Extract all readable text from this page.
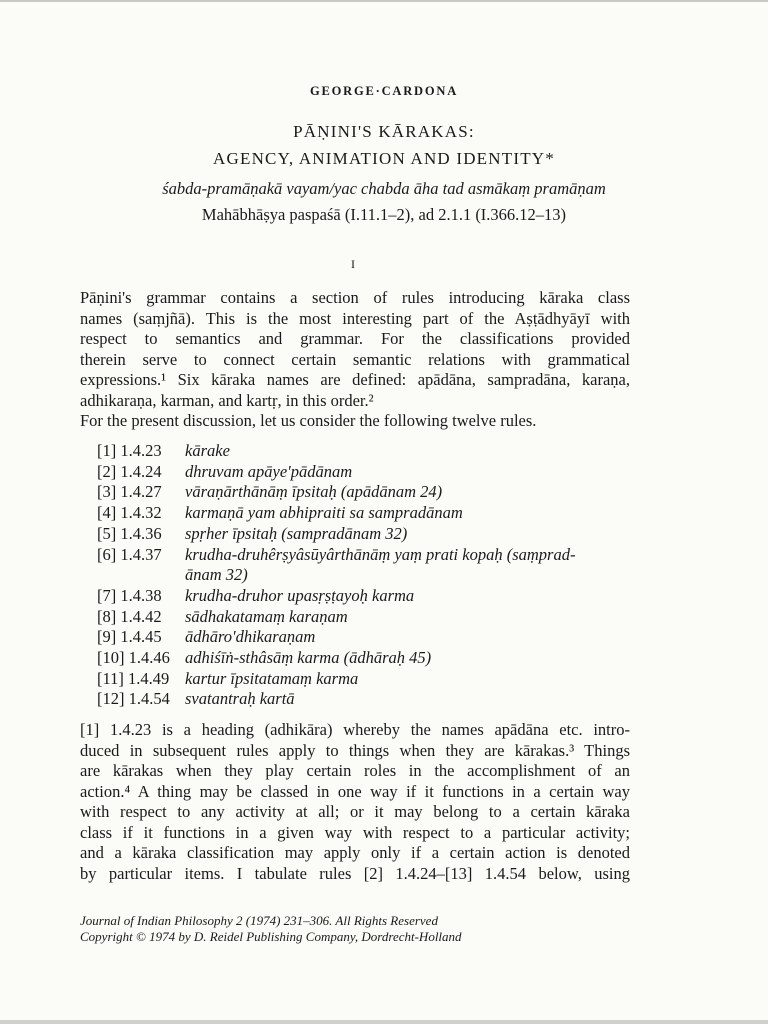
GEORGE·CARDONA
PĀṆINI'S KĀRAKAS:
AGENCY, ANIMATION AND IDENTITY*
śabda-pramāṇakā vayam/yac chabda āha tad asmākaṃ pramāṇam
Mahābhāṣya paspaśā (I.11.1–2), ad 2.1.1 (I.366.12–13)
I
Pāṇini's grammar contains a section of rules introducing kāraka class
names (saṃjñā). This is the most interesting part of the Aṣṭādhyāyī with
respect to semantics and grammar. For the classifications provided
therein serve to connect certain semantic relations with grammatical
expressions.¹ Six kāraka names are defined: apādāna, sampradāna, karaṇa,
adhikaraṇa, karman, and kartṛ, in this order.²
For the present discussion, let us consider the following twelve rules.
[1] 1.4.23	kārake
[2] 1.4.24	dhruvam apāye'pādānam
[3] 1.4.27	vāraṇārthānāṃ īpsitaḥ (apādānam 24)
[4] 1.4.32	karmaṇā yam abhipraiti sa sampradānam
[5] 1.4.36	spṛher īpsitaḥ (sampradānam 32)
[6] 1.4.37	krudha-druhêrṣyâsūyârthānāṃ yaṃ prati kopaḥ (saṃprad-
ānam 32)
[7] 1.4.38	krudha-druhor upasṛṣṭayoḥ karma
[8] 1.4.42	sādhakatamaṃ karaṇam
[9] 1.4.45	ādhāro'dhikaraṇam
[10] 1.4.46 adhiśīṅ-sthâsāṃ karma (ādhāraḥ 45)
[11] 1.4.49 kartur īpsitatamaṃ karma
[12] 1.4.54 svatantraḥ kartā
[1] 1.4.23 is a heading (adhikāra) whereby the names apādāna etc. intro-
duced in subsequent rules apply to things when they are kārakas.³ Things
are kārakas when they play certain roles in the accomplishment of an
action.⁴ A thing may be classed in one way if it functions in a certain way
with respect to any activity at all; or it may belong to a certain kāraka
class if it functions in a given way with respect to a particular activity;
and a kāraka classification may apply only if a certain action is denoted
by particular items. I tabulate rules [2] 1.4.24–[13] 1.4.54 below, using
Journal of Indian Philosophy 2 (1974) 231–306. All Rights Reserved
Copyright © 1974 by D. Reidel Publishing Company, Dordrecht-Holland
